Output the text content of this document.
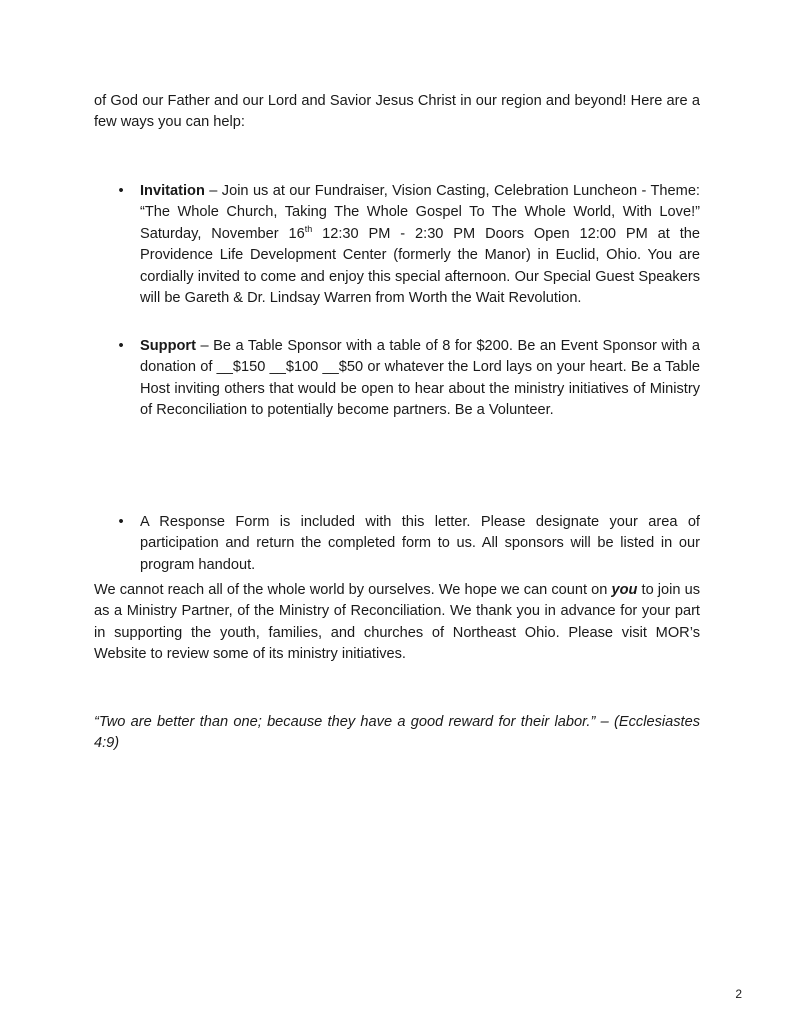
of God our Father and our Lord and Savior Jesus Christ in our region and beyond! Here are a few ways you can help:

• Invitation – Join us at our Fundraiser, Vision Casting, Celebration Luncheon - Theme: “The Whole Church, Taking The Whole Gospel To The Whole World, With Love!” Saturday, November 16th 12:30 PM - 2:30 PM Doors Open 12:00 PM at the Providence Life Development Center (formerly the Manor) in Euclid, Ohio. You are cordially invited to come and enjoy this special afternoon. Our Special Guest Speakers will be Gareth & Dr. Lindsay Warren from Worth the Wait Revolution.

• Support – Be a Table Sponsor with a table of 8 for $200. Be an Event Sponsor with a donation of __$150 __$100 __$50 or whatever the Lord lays on your heart. Be a Table Host inviting others that would be open to hear about the ministry initiatives of Ministry of Reconciliation to potentially become partners. Be a Volunteer.

• A Response Form is included with this letter. Please designate your area of participation and return the completed form to us. All sponsors will be listed in our program handout.

We cannot reach all of the whole world by ourselves. We hope we can count on you to join us as a Ministry Partner, of the Ministry of Reconciliation. We thank you in advance for your part in supporting the youth, families, and churches of Northeast Ohio. Please visit MOR’s Website to review some of its ministry initiatives.

“Two are better than one; because they have a good reward for their labor.” – (Ecclesiastes 4:9)

2
